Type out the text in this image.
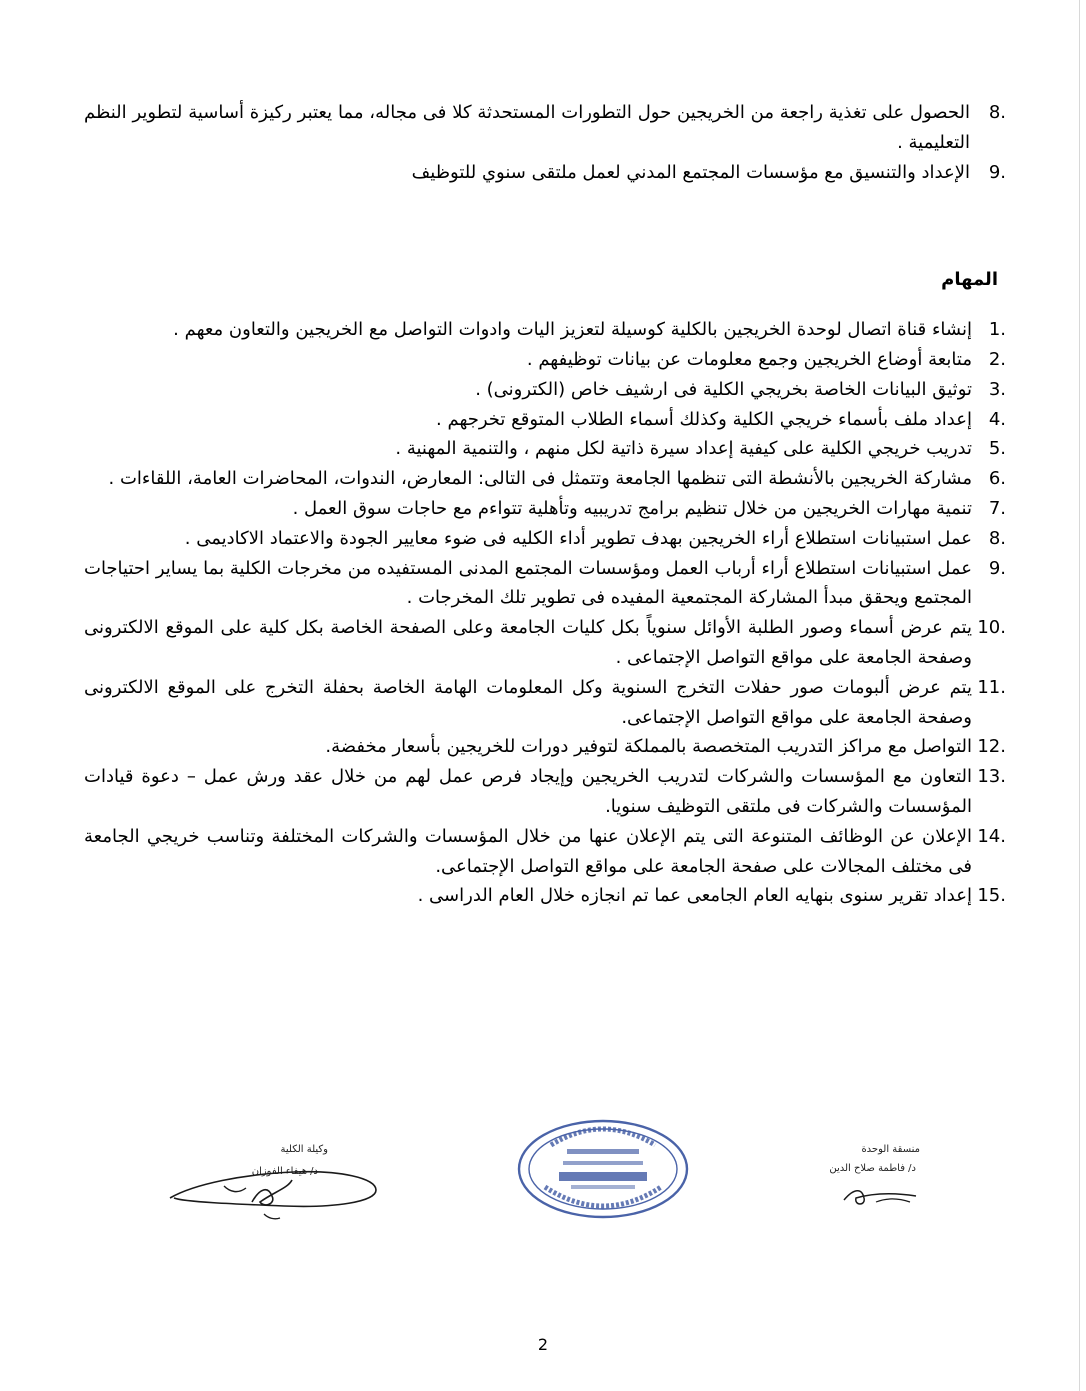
8.
الحصول على تغذية راجعة من الخريجين حول التطورات المستحدثة كلا فى مجاله، مما يعتبر ركيزة أساسية لتطوير النظم التعليمية .
9.
الإعداد والتنسيق مع مؤسسات المجتمع المدني لعمل ملتقى سنوي للتوظيف
المهام
1.
إنشاء قناة اتصال لوحدة الخريجين بالكلية كوسيلة لتعزيز اليات وادوات التواصل مع الخريجين والتعاون معهم .
2.
متابعة أوضاع الخريجين وجمع معلومات عن بيانات توظيفهم .
3.
توثيق البيانات الخاصة بخريجي الكلية فى ارشيف خاص (الكترونى) .
4.
إعداد ملف بأسماء خريجي الكلية وكذلك أسماء الطلاب المتوقع تخرجهم .
5.
تدريب خريجي الكلية على كيفية إعداد سيرة ذاتية لكل منهم ، والتنمية المهنية .
6.
مشاركة الخريجين بالأنشطة التى تنظمها الجامعة وتتمثل فى التالى: المعارض، الندوات، المحاضرات العامة، اللقاءات .
7.
تنمية مهارات الخريجين من خلال تنظيم برامج تدريبيه وتأهلية تتواءم مع حاجات سوق العمل .
8.
عمل استبيانات استطلاع أراء الخريجين بهدف تطوير أداء الكليه فى ضوء معايير الجودة والاعتماد الاكاديمى .
9.
عمل استبيانات استطلاع أراء أرباب العمل ومؤسسات المجتمع المدنى المستفيده من مخرجات الكلية بما يساير احتياجات المجتمع ويحقق مبدأ المشاركة المجتمعية المفيده فى تطوير تلك المخرجات .
10.
يتم عرض أسماء وصور الطلبة الأوائل سنوياً بكل كليات الجامعة وعلى الصفحة الخاصة بكل كلية على الموقع الالكترونى وصفحة الجامعة على مواقع التواصل الإجتماعى .
11.
يتم عرض ألبومات صور حفلات التخرج السنوية وكل المعلومات الهامة الخاصة بحفلة التخرج على الموقع الالكترونى وصفحة الجامعة على مواقع التواصل الإجتماعى.
12.
التواصل مع مراكز التدريب المتخصصة بالمملكة لتوفير دورات للخريجين بأسعار مخفضة.
13.
التعاون مع المؤسسات والشركات لتدريب الخريجين وإيجاد فرص عمل لهم من خلال عقد ورش عمل – دعوة قيادات المؤسسات والشركات فى ملتقى التوظيف سنويا.
14.
الإعلان عن الوظائف المتنوعة التى يتم الإعلان عنها من خلال المؤسسات والشركات المختلفة وتناسب خريجي الجامعة فى مختلف المجالات على صفحة الجامعة على مواقع التواصل الإجتماعى.
15.
إعداد تقرير سنوى بنهايه العام الجامعى عما تم انجازه خلال العام الدراسى .
وكيلة الكلية
د/ هيفاء الفوزان
منسقة الوحدة
د/ فاطمة صلاح الدين
2
